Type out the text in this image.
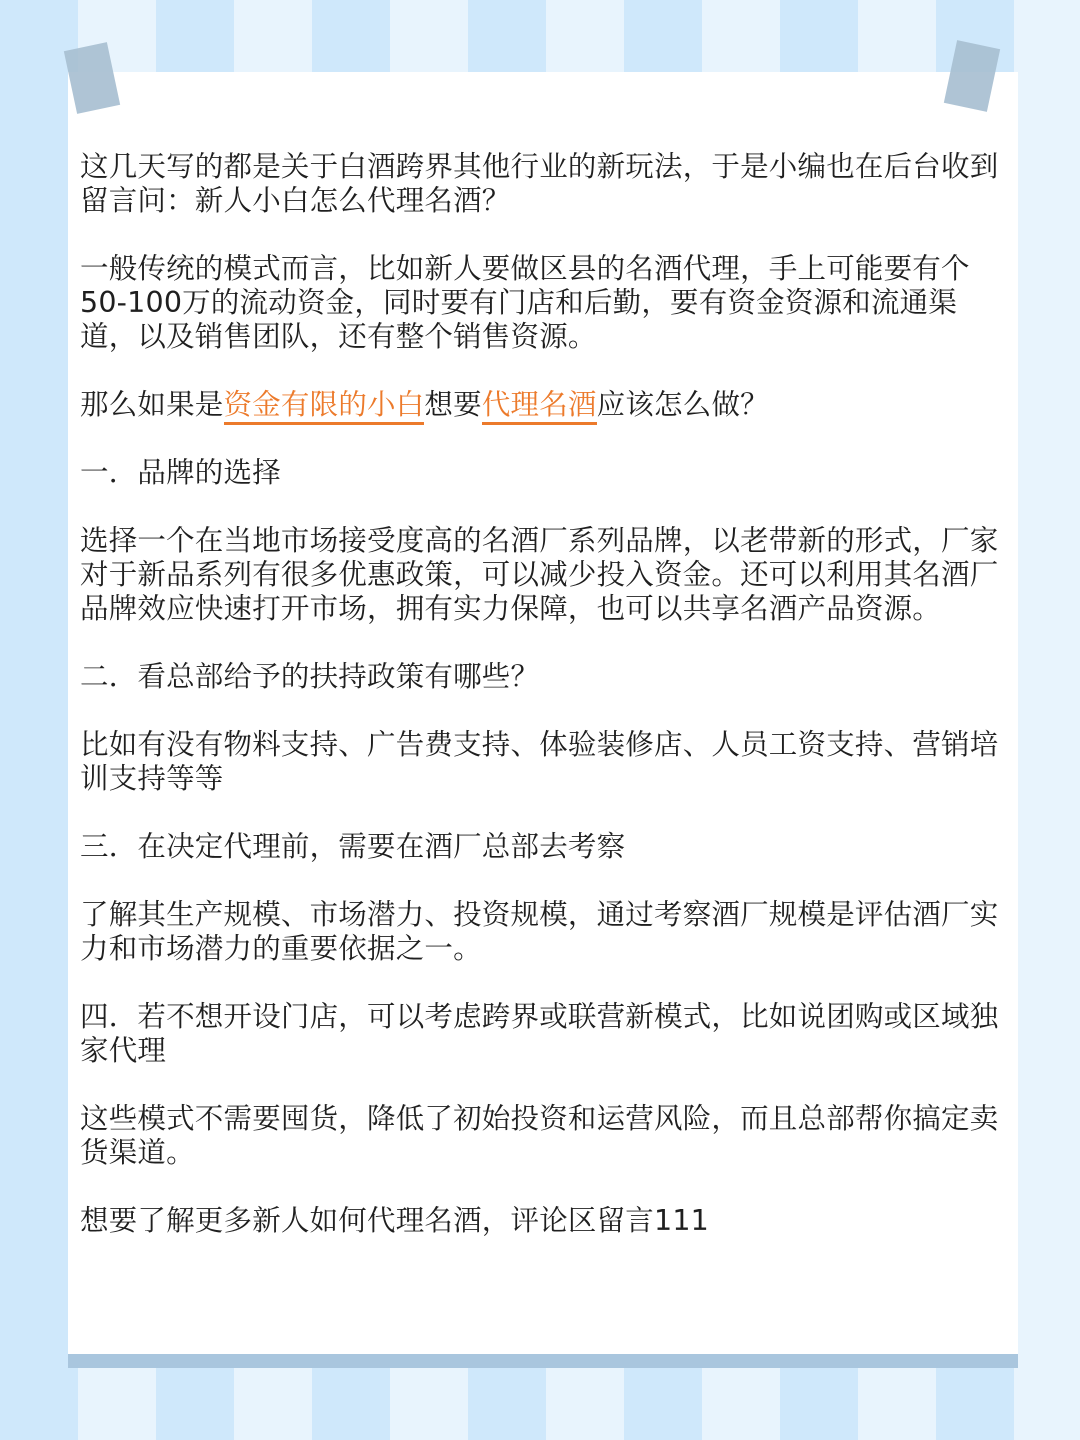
这几天写的都是关于白酒跨界其他行业的新玩法，于是小编也在后台收到留言问：新人小白怎么代理名酒？

一般传统的模式而言，比如新人要做区县的名酒代理，手上可能要有个50-100万的流动资金，同时要有门店和后勤，要有资金资源和流通渠道，以及销售团队，还有整个销售资源。

那么如果是资金有限的小白想要代理名酒应该怎么做？

一．品牌的选择

选择一个在当地市场接受度高的名酒厂系列品牌，以老带新的形式，厂家对于新品系列有很多优惠政策，可以减少投入资金。还可以利用其名酒厂品牌效应快速打开市场，拥有实力保障，也可以共享名酒产品资源。

二．看总部给予的扶持政策有哪些？

比如有没有物料支持、广告费支持、体验装修店、人员工资支持、营销培训支持等等

三．在决定代理前，需要在酒厂总部去考察

了解其生产规模、市场潜力、投资规模，通过考察酒厂规模是评估酒厂实力和市场潜力的重要依据之一。

四．若不想开设门店，可以考虑跨界或联营新模式，比如说团购或区域独家代理

这些模式不需要囤货，降低了初始投资和运营风险，而且总部帮你搞定卖货渠道。

想要了解更多新人如何代理名酒，评论区留言111
